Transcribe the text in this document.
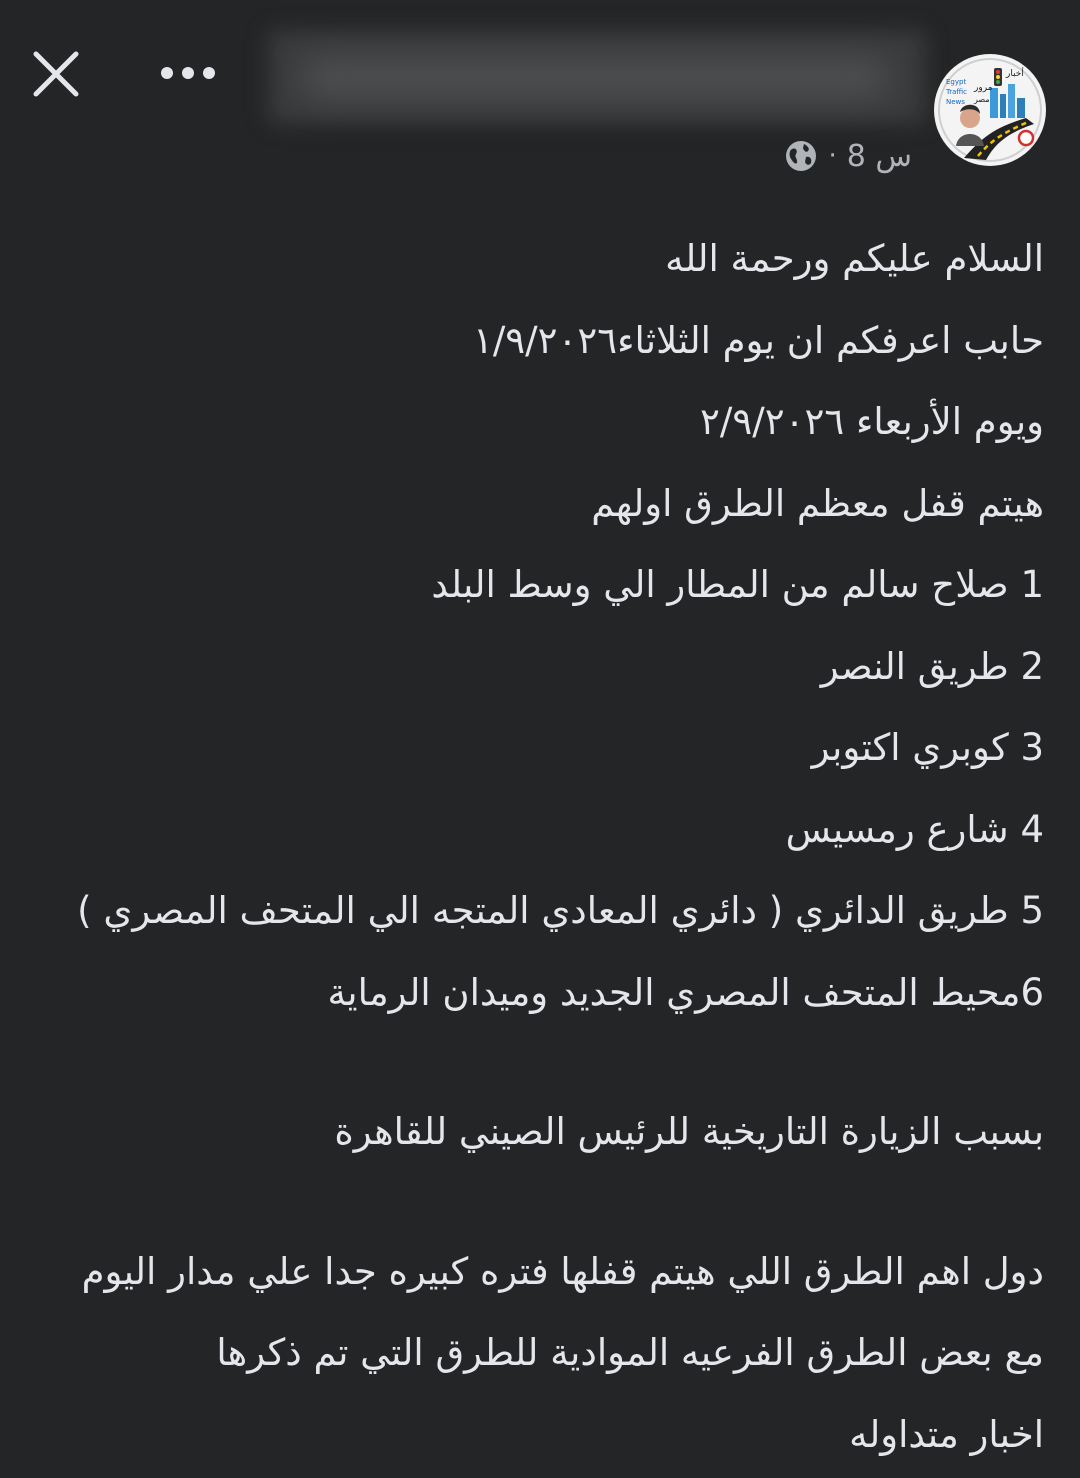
أخبار
Egypt
مرور
Traffic
News مصر
· 8 س
السلام عليكم ورحمة الله
حابب اعرفكم ان يوم الثلاثاء١/٩/٢٠٢٦
ويوم الأربعاء ٢/٩/٢٠٢٦
هيتم قفل معظم الطرق اولهم
1 صلاح سالم من المطار الي وسط البلد
2 طريق النصر
3 كوبري اكتوبر
4 شارع رمسيس
5 طريق الدائري ( دائري المعادي المتجه الي المتحف المصري )
6محيط المتحف المصري الجديد وميدان الرماية
بسبب الزيارة التاريخية للرئيس الصيني للقاهرة
دول اهم الطرق اللي هيتم قفلها فتره كبيره جدا علي مدار اليوم
مع بعض الطرق الفرعيه الموادية للطرق التي تم ذكرها
اخبار متداوله
